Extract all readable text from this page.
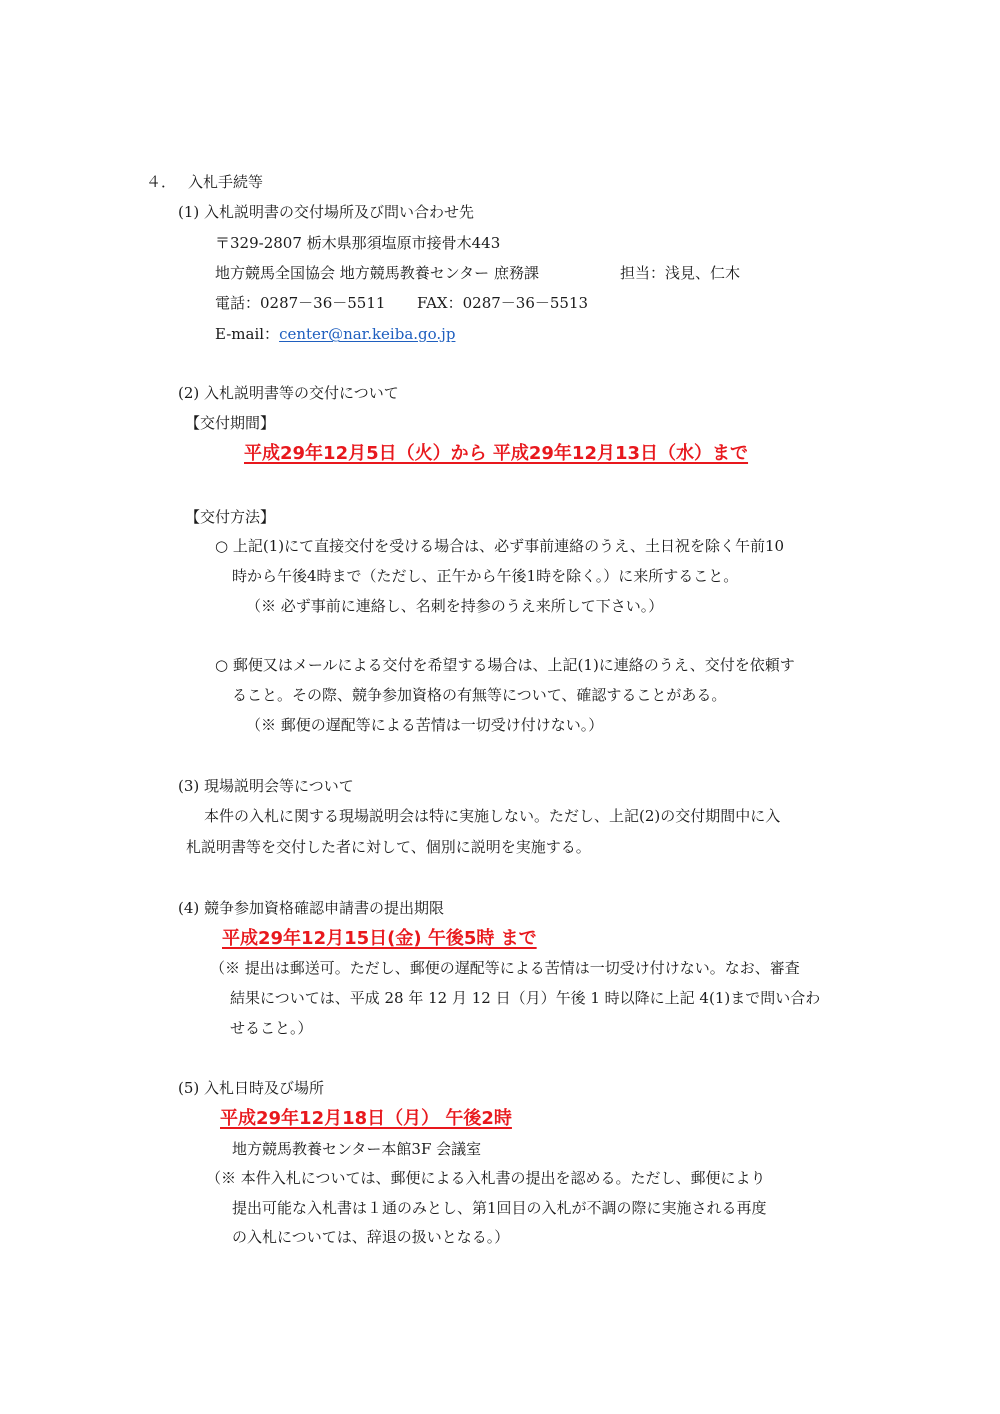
４． 入札手続等
(1) 入札説明書の交付場所及び問い合わせ先
〒329-2807 栃木県那須塩原市接骨木443
地方競馬全国協会 地方競馬教養センター 庶務課	担当：浅見、仁木
電話：0287－36－5511 FAX：0287－36－5513
E-mail：center@nar.keiba.go.jp
(2) 入札説明書等の交付について
【交付期間】
平成29年12月5日（火）から 平成29年12月13日（水）まで
【交付方法】
○ 上記(1)にて直接交付を受ける場合は、必ず事前連絡のうえ、土日祝を除く午前10
時から午後4時まで（ただし、正午から午後1時を除く。）に来所すること。
（※ 必ず事前に連絡し、名刺を持参のうえ来所して下さい。）
○ 郵便又はメールによる交付を希望する場合は、上記(1)に連絡のうえ、交付を依頼す
ること。その際、競争参加資格の有無等について、確認することがある。
（※ 郵便の遅配等による苦情は一切受け付けない。）
(3) 現場説明会等について
本件の入札に関する現場説明会は特に実施しない。ただし、上記(2)の交付期間中に入
札説明書等を交付した者に対して、個別に説明を実施する。
(4) 競争参加資格確認申請書の提出期限
平成29年12月15日(金) 午後5時 まで
（※ 提出は郵送可。ただし、郵便の遅配等による苦情は一切受け付けない。なお、審査
結果については、平成 28 年 12 月 12 日（月）午後 1 時以降に上記 4(1)まで問い合わ
せること。）
(5) 入札日時及び場所
平成29年12月18日（月） 午後2時
地方競馬教養センター本館3F 会議室
（※ 本件入札については、郵便による入札書の提出を認める。ただし、郵便により
提出可能な入札書は１通のみとし、第1回目の入札が不調の際に実施される再度
の入札については、辞退の扱いとなる。）
